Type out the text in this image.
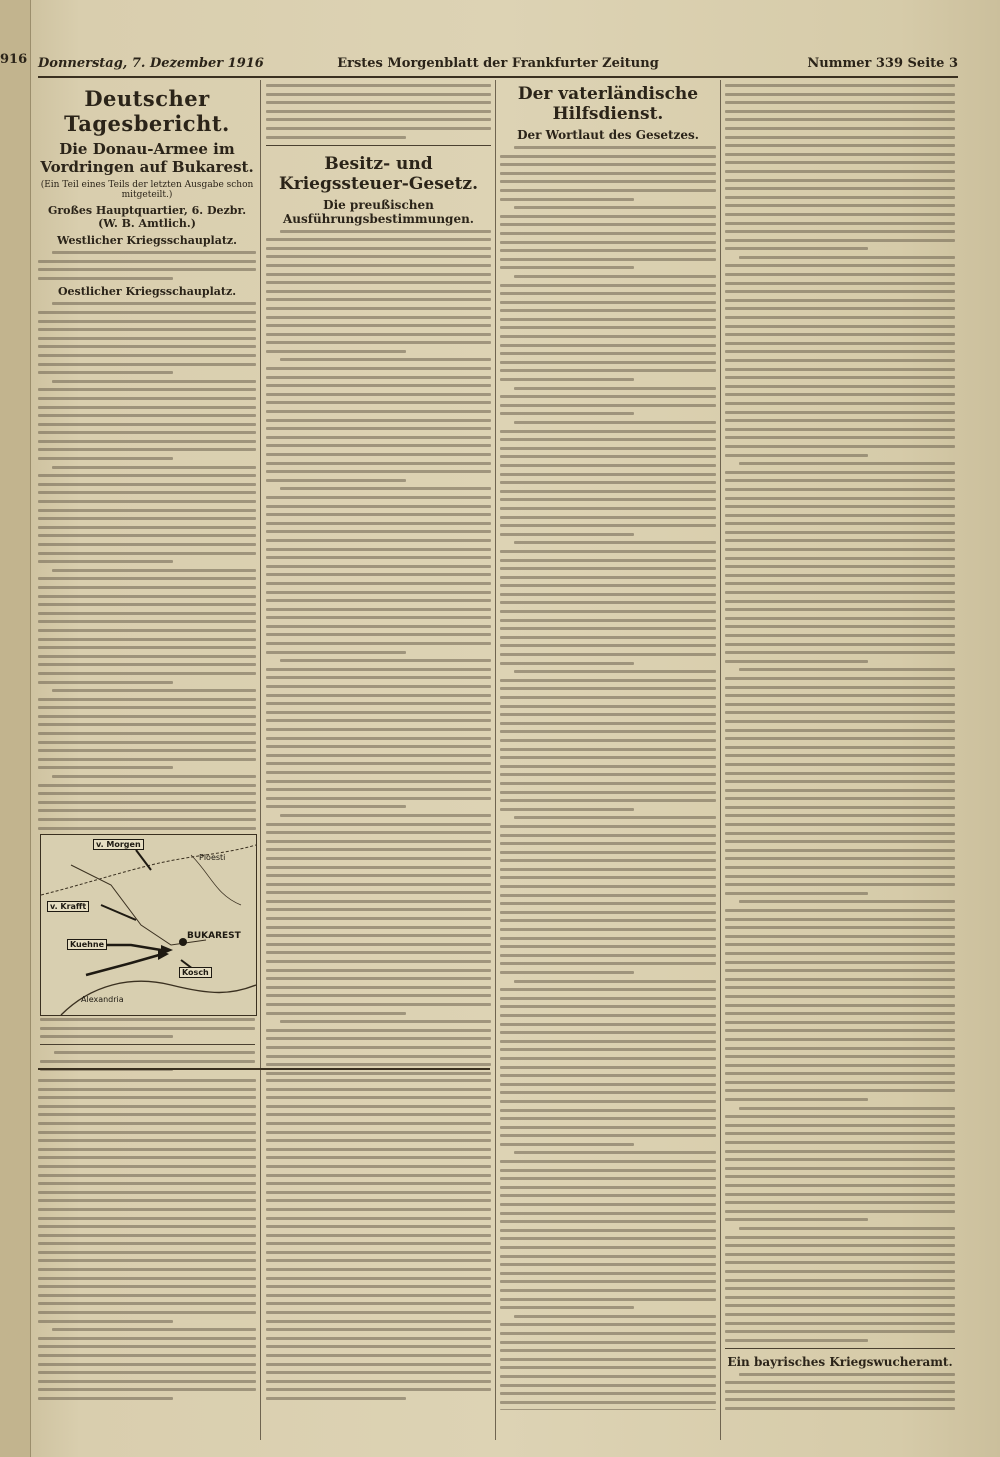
916 Donnerstag, 7. Dezember 1916	Erstes Morgenblatt der Frankfurter Zeitung	Nummer 339 Seite 3
Deutscher Tagesbericht.
Die Donau-Armee im Vordringen auf Bukarest.
(Ein Teil eines Teils der letzten Ausgabe schon mitgeteilt.)
Großes Hauptquartier, 6. Dezbr. (W. B. Amtlich.)
Westlicher Kriegsschauplatz.
Oestlicher Kriegsschauplatz.
v. Morgen
v. Krafft
Kuehne
Kosch
BUKAREST
Ploesti
Alexandria
Besitz- und Kriegssteuer-Gesetz.
Die preußischen Ausführungsbestimmungen.
Der vaterländische Hilfsdienst.
Der Wortlaut des Gesetzes.
Ein bayrisches Kriegswucheramt.
